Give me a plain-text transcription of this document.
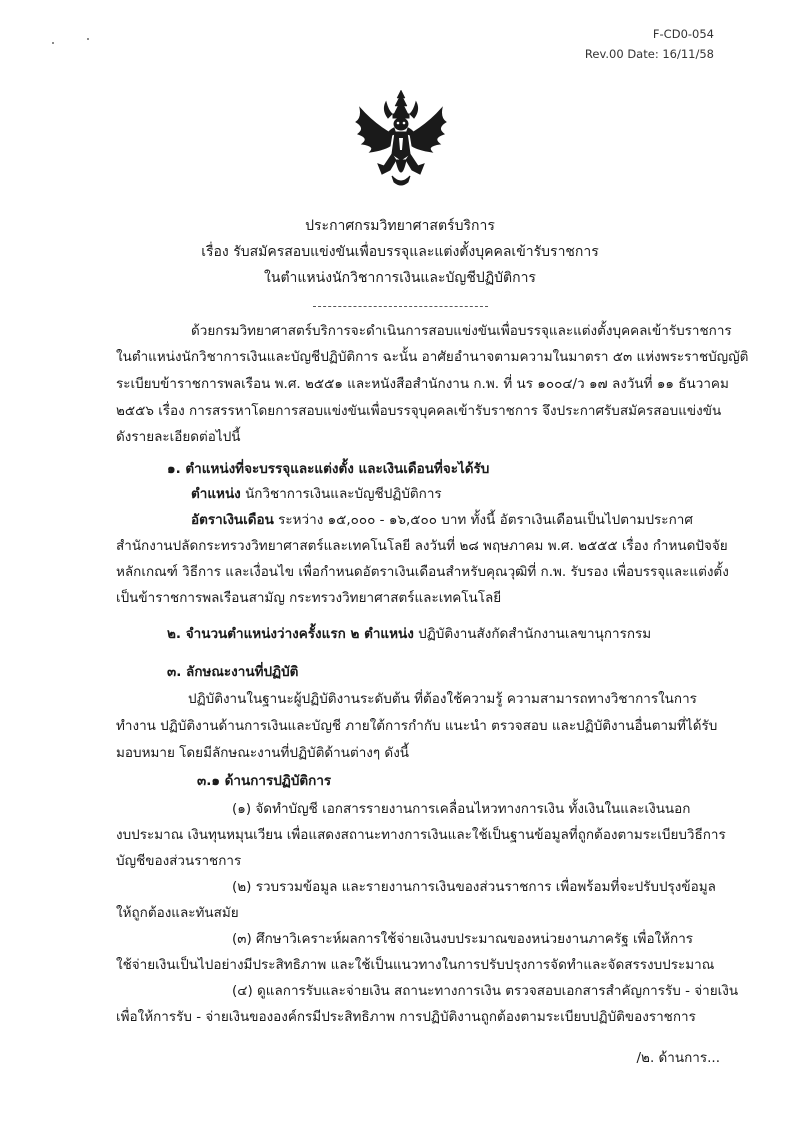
F-CD0-054
Rev.00 Date: 16/11/58
ประกาศกรมวิทยาศาสตร์บริการ
เรื่อง รับสมัครสอบแข่งขันเพื่อบรรจุและแต่งตั้งบุคคลเข้ารับราชการ
ในตำแหน่งนักวิชาการเงินและบัญชีปฏิบัติการ
ด้วยกรมวิทยาศาสตร์บริการจะดำเนินการสอบแข่งขันเพื่อบรรจุและแต่งตั้งบุคคลเข้ารับราชการ
ในตำแหน่งนักวิชาการเงินและบัญชีปฏิบัติการ ฉะนั้น อาศัยอำนาจตามความในมาตรา ๕๓ แห่งพระราชบัญญัติ
ระเบียบข้าราชการพลเรือน พ.ศ. ๒๕๕๑ และหนังสือสำนักงาน ก.พ. ที่ นร ๑๐๐๔/ว ๑๗ ลงวันที่ ๑๑ ธันวาคม
๒๕๕๖ เรื่อง การสรรหาโดยการสอบแข่งขันเพื่อบรรจุบุคคลเข้ารับราชการ จึงประกาศรับสมัครสอบแข่งขัน
ดังรายละเอียดต่อไปนี้
๑. ตำแหน่งที่จะบรรจุและแต่งตั้ง และเงินเดือนที่จะได้รับ
ตำแหน่ง นักวิชาการเงินและบัญชีปฏิบัติการ
อัตราเงินเดือน ระหว่าง ๑๕,๐๐๐ - ๑๖,๕๐๐ บาท ทั้งนี้ อัตราเงินเดือนเป็นไปตามประกาศ
สำนักงานปลัดกระทรวงวิทยาศาสตร์และเทคโนโลยี ลงวันที่ ๒๘ พฤษภาคม พ.ศ. ๒๕๕๕ เรื่อง กำหนดปัจจัย
หลักเกณฑ์ วิธีการ และเงื่อนไข เพื่อกำหนดอัตราเงินเดือนสำหรับคุณวุฒิที่ ก.พ. รับรอง เพื่อบรรจุและแต่งตั้ง
เป็นข้าราชการพลเรือนสามัญ กระทรวงวิทยาศาสตร์และเทคโนโลยี
๒. จำนวนตำแหน่งว่างครั้งแรก ๒ ตำแหน่ง ปฏิบัติงานสังกัดสำนักงานเลขานุการกรม
๓. ลักษณะงานที่ปฏิบัติ
ปฏิบัติงานในฐานะผู้ปฏิบัติงานระดับต้น ที่ต้องใช้ความรู้ ความสามารถทางวิชาการในการ
ทำงาน ปฏิบัติงานด้านการเงินและบัญชี ภายใต้การกำกับ แนะนำ ตรวจสอบ และปฏิบัติงานอื่นตามที่ได้รับ
มอบหมาย โดยมีลักษณะงานที่ปฏิบัติด้านต่างๆ ดังนี้
๓.๑ ด้านการปฏิบัติการ
(๑) จัดทำบัญชี เอกสารรายงานการเคลื่อนไหวทางการเงิน ทั้งเงินในและเงินนอก
งบประมาณ เงินทุนหมุนเวียน เพื่อแสดงสถานะทางการเงินและใช้เป็นฐานข้อมูลที่ถูกต้องตามระเบียบวิธีการ
บัญชีของส่วนราชการ
(๒) รวบรวมข้อมูล และรายงานการเงินของส่วนราชการ เพื่อพร้อมที่จะปรับปรุงข้อมูล
ให้ถูกต้องและทันสมัย
(๓) ศึกษาวิเคราะห์ผลการใช้จ่ายเงินงบประมาณของหน่วยงานภาครัฐ เพื่อให้การ
ใช้จ่ายเงินเป็นไปอย่างมีประสิทธิภาพ และใช้เป็นแนวทางในการปรับปรุงการจัดทำและจัดสรรงบประมาณ
(๔) ดูแลการรับและจ่ายเงิน สถานะทางการเงิน ตรวจสอบเอกสารสำคัญการรับ - จ่ายเงิน
เพื่อให้การรับ - จ่ายเงินขององค์กรมีประสิทธิภาพ การปฏิบัติงานถูกต้องตามระเบียบปฏิบัติของราชการ
/๒. ด้านการ...
